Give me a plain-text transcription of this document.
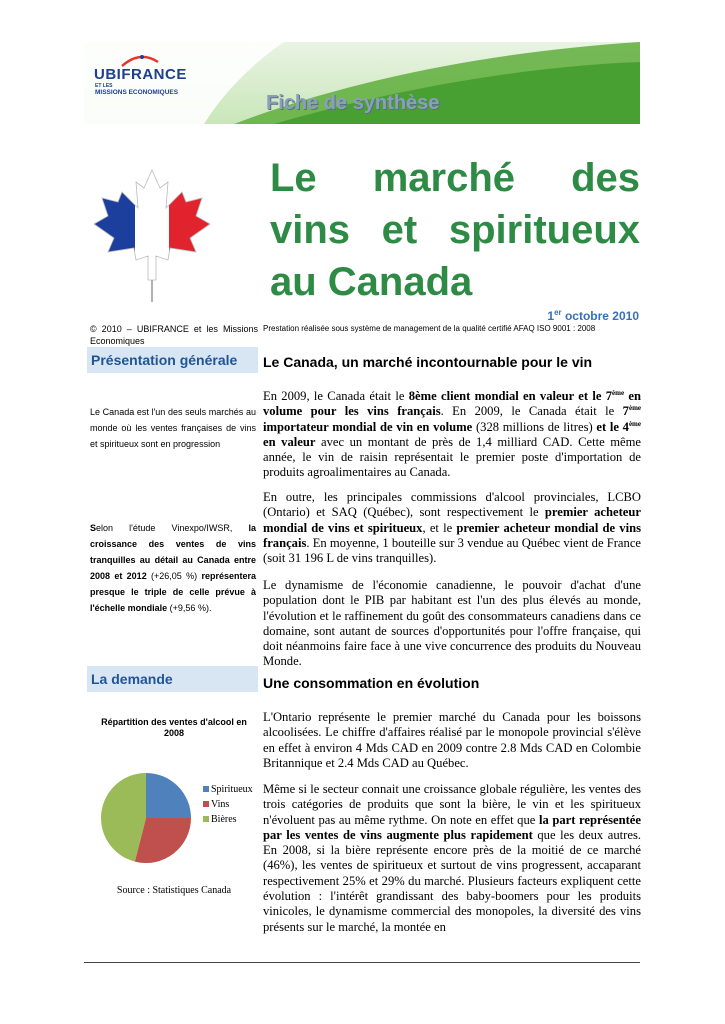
UBIFRANCE
ET LES
MISSIONS ECONOMIQUES	Fiche de synthèse
Le marché des
vins et spiritueux
au Canada
1er octobre 2010
© 2010 – UBIFRANCE et les Missions Economiques
Prestation réalisée sous système de management de la qualité certifié AFAQ ISO 9001 : 2008
Présentation générale	Le Canada, un marché incontournable pour le vin
Le Canada est l'un des seuls marchés au monde où les ventes françaises de vins et spiritueux sont en progression
Selon l'étude Vinexpo/IWSR, la croissance des ventes de vins tranquilles au détail au Canada entre 2008 et 2012 (+26,05 %) représentera presque le triple de celle prévue à l'échelle mondiale (+9,56 %).
En 2009, le Canada était le 8ème client mondial en valeur et le 7ème en volume pour les vins français. En 2009, le Canada était le 7ème importateur mondial de vin en volume (328 millions de litres) et le 4ème en valeur avec un montant de près de 1,4 milliard CAD. Cette même année, le vin de raisin représentait le premier poste d'importation de produits agroalimentaires au Canada.
En outre, les principales commissions d'alcool provinciales, LCBO (Ontario) et SAQ (Québec), sont respectivement le premier acheteur mondial de vins et spiritueux, et le premier acheteur mondial de vins français. En moyenne, 1 bouteille sur 3 vendue au Québec vient de France (soit 31 196 L de vins tranquilles).
Le dynamisme de l'économie canadienne, le pouvoir d'achat d'une population dont le PIB par habitant est l'un des plus élevés au monde, l'évolution et le raffinement du goût des consommateurs canadiens dans ce domaine, sont autant de sources d'opportunités pour l'offre française, qui doit néanmoins faire face à une vive concurrence des produits du Nouveau Monde.
La demande	Une consommation en évolution
L'Ontario représente le premier marché du Canada pour les boissons alcoolisées. Le chiffre d'affaires réalisé par le monopole provincial s'élève en effet à environ 4 Mds CAD en 2009 contre 2.8 Mds CAD en Colombie Britannique et 2.4 Mds CAD au Québec.
Même si le secteur connait une croissance globale régulière, les ventes des trois catégories de produits que sont la bière, le vin et les spiritueux n'évoluent pas au même rythme. On note en effet que la part représentée par les ventes de vins augmente plus rapidement que les deux autres. En 2008, si la bière représente encore près de la moitié de ce marché (46%), les ventes de spiritueux et surtout de vins progressent, accaparant respectivement 25% et 29% du marché. Plusieurs facteurs expliquent cette évolution : l'intérêt grandissant des baby-boomers pour les produits vinicoles, le dynamisme commercial des monopoles, la diversité des vins présents sur le marché, la montée en
Répartition des ventes d'alcool en 2008
Spiritueux
Vins
Bières
Source : Statistiques Canada
